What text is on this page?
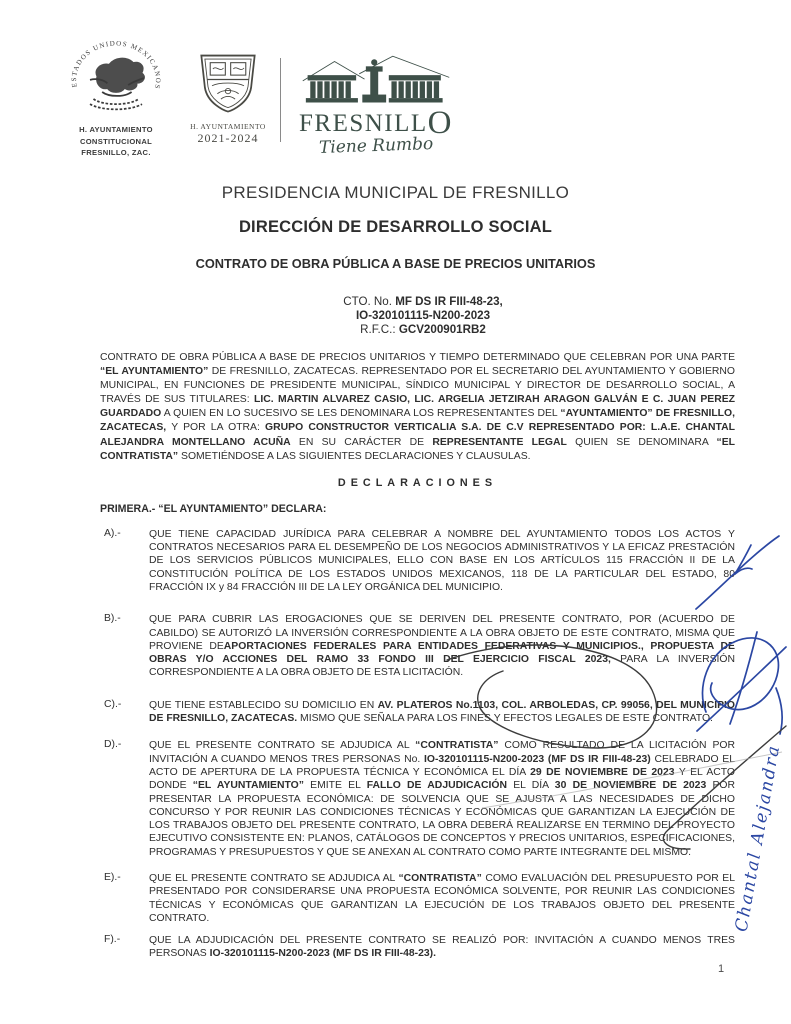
ESTADOS UNIDOS MEXICANOS
H. AYUNTAMIENTO
CONSTITUCIONAL
FRESNILLO, ZAC.
H. AYUNTAMIENTO
2021-2024
FRESNILLO
Tiene Rumbo
PRESIDENCIA MUNICIPAL DE FRESNILLO
DIRECCIÓN DE DESARROLLO SOCIAL
CONTRATO DE OBRA PÚBLICA A BASE DE PRECIOS UNITARIOS
CTO. No. MF DS IR FIII-48-23,
IO-320101115-N200-2023
R.F.C.: GCV200901RB2
CONTRATO DE OBRA PÚBLICA A BASE DE PRECIOS UNITARIOS Y TIEMPO DETERMINADO QUE CELEBRAN POR UNA PARTE “EL AYUNTAMIENTO” DE FRESNILLO, ZACATECAS. REPRESENTADO POR EL SECRETARIO DEL AYUNTAMIENTO Y GOBIERNO MUNICIPAL, EN FUNCIONES DE PRESIDENTE MUNICIPAL, SÍNDICO MUNICIPAL Y DIRECTOR DE DESARROLLO SOCIAL, A TRAVÉS DE SUS TITULARES: LIC. MARTIN ALVAREZ CASIO, LIC. ARGELIA JETZIRAH ARAGON GALVÁN E C. JUAN PEREZ GUARDADO A QUIEN EN LO SUCESIVO SE LES DENOMINARA LOS REPRESENTANTES DEL “AYUNTAMIENTO” DE FRESNILLO, ZACATECAS, Y POR LA OTRA: GRUPO CONSTRUCTOR VERTICALIA S.A. DE C.V REPRESENTADO POR: L.A.E. CHANTAL ALEJANDRA MONTELLANO ACUÑA EN SU CARÁCTER DE REPRESENTANTE LEGAL QUIEN SE DENOMINARA “EL CONTRATISTA” SOMETIÉNDOSE A LAS SIGUIENTES DECLARACIONES Y CLAUSULAS.
DECLARACIONES
PRIMERA.- “EL AYUNTAMIENTO” DECLARA:
A).-	QUE TIENE CAPACIDAD JURÍDICA PARA CELEBRAR A NOMBRE DEL AYUNTAMIENTO TODOS LOS ACTOS Y CONTRATOS NECESARIOS PARA EL DESEMPEÑO DE LOS NEGOCIOS ADMINISTRATIVOS Y LA EFICAZ PRESTACIÓN DE LOS SERVICIOS PÚBLICOS MUNICIPALES, ELLO CON BASE EN LOS ARTÍCULOS 115 FRACCIÓN II DE LA CONSTITUCIÓN POLÍTICA DE LOS ESTADOS UNIDOS MEXICANOS, 118 DE LA PARTICULAR DEL ESTADO, 80 FRACCIÓN IX y 84 FRACCIÓN III DE LA LEY ORGÁNICA DEL MUNICIPIO.
B).-	QUE PARA CUBRIR LAS EROGACIONES QUE SE DERIVEN DEL PRESENTE CONTRATO, POR (ACUERDO DE CABILDO) SE AUTORIZÓ LA INVERSIÓN CORRESPONDIENTE A LA OBRA OBJETO DE ESTE CONTRATO, MISMA QUE PROVIENE DEAPORTACIONES FEDERALES PARA ENTIDADES FEDERATIVAS Y MUNICIPIOS., PROPUESTA DE OBRAS Y/O ACCIONES DEL RAMO 33 FONDO III DEL EJERCICIO FISCAL 2023, PARA LA INVERSIÓN CORRESPONDIENTE A LA OBRA OBJETO DE ESTA LICITACIÓN.
C).-	QUE TIENE ESTABLECIDO SU DOMICILIO EN AV. PLATEROS No.1103, COL. ARBOLEDAS, CP. 99056, DEL MUNICIPIO DE FRESNILLO, ZACATECAS. MISMO QUE SEÑALA PARA LOS FINES Y EFECTOS LEGALES DE ESTE CONTRATO.
D).-	QUE EL PRESENTE CONTRATO SE ADJUDICA AL “CONTRATISTA” COMO RESULTADO DE LA LICITACIÓN POR INVITACIÓN A CUANDO MENOS TRES PERSONAS No. IO-320101115-N200-2023 (MF DS IR FIII-48-23) CELEBRADO EL ACTO DE APERTURA DE LA PROPUESTA TÉCNICA Y ECONÓMICA EL DÍA 29 DE NOVIEMBRE DE 2023 Y EL ACTO DONDE “EL AYUNTAMIENTO” EMITE EL FALLO DE ADJUDICACIÓN EL DÍA 30 DE NOVIEMBRE DE 2023 POR PRESENTAR LA PROPUESTA ECONÓMICA: DE SOLVENCIA QUE SE AJUSTA A LAS NECESIDADES DE DICHO CONCURSO Y POR REUNIR LAS CONDICIONES TÉCNICAS Y ECONÓMICAS QUE GARANTIZAN LA EJECUCIÓN DE LOS TRABAJOS OBJETO DEL PRESENTE CONTRATO, LA OBRA DEBERÁ REALIZARSE EN TERMINO DEL PROYECTO EJECUTIVO CONSISTENTE EN: PLANOS, CATÁLOGOS DE CONCEPTOS Y PRECIOS UNITARIOS, ESPECIFICACIONES, PROGRAMAS Y PRESUPUESTOS Y QUE SE ANEXAN AL CONTRATO COMO PARTE INTEGRANTE DEL MISMO.
E).-	QUE EL PRESENTE CONTRATO SE ADJUDICA AL “CONTRATISTA” COMO EVALUACIÓN DEL PRESUPUESTO POR EL PRESENTADO POR CONSIDERARSE UNA PROPUESTA ECONÓMICA SOLVENTE, POR REUNIR LAS CONDICIONES TÉCNICAS Y ECONÓMICAS QUE GARANTIZAN LA EJECUCIÓN DE LOS TRABAJOS OBJETO DEL PRESENTE CONTRATO.
F).-	QUE LA ADJUDICACIÓN DEL PRESENTE CONTRATO SE REALIZÓ POR: INVITACIÓN A CUANDO MENOS TRES PERSONAS IO-320101115-N200-2023 (MF DS IR FIII-48-23).
1
Chantal Alejandra
